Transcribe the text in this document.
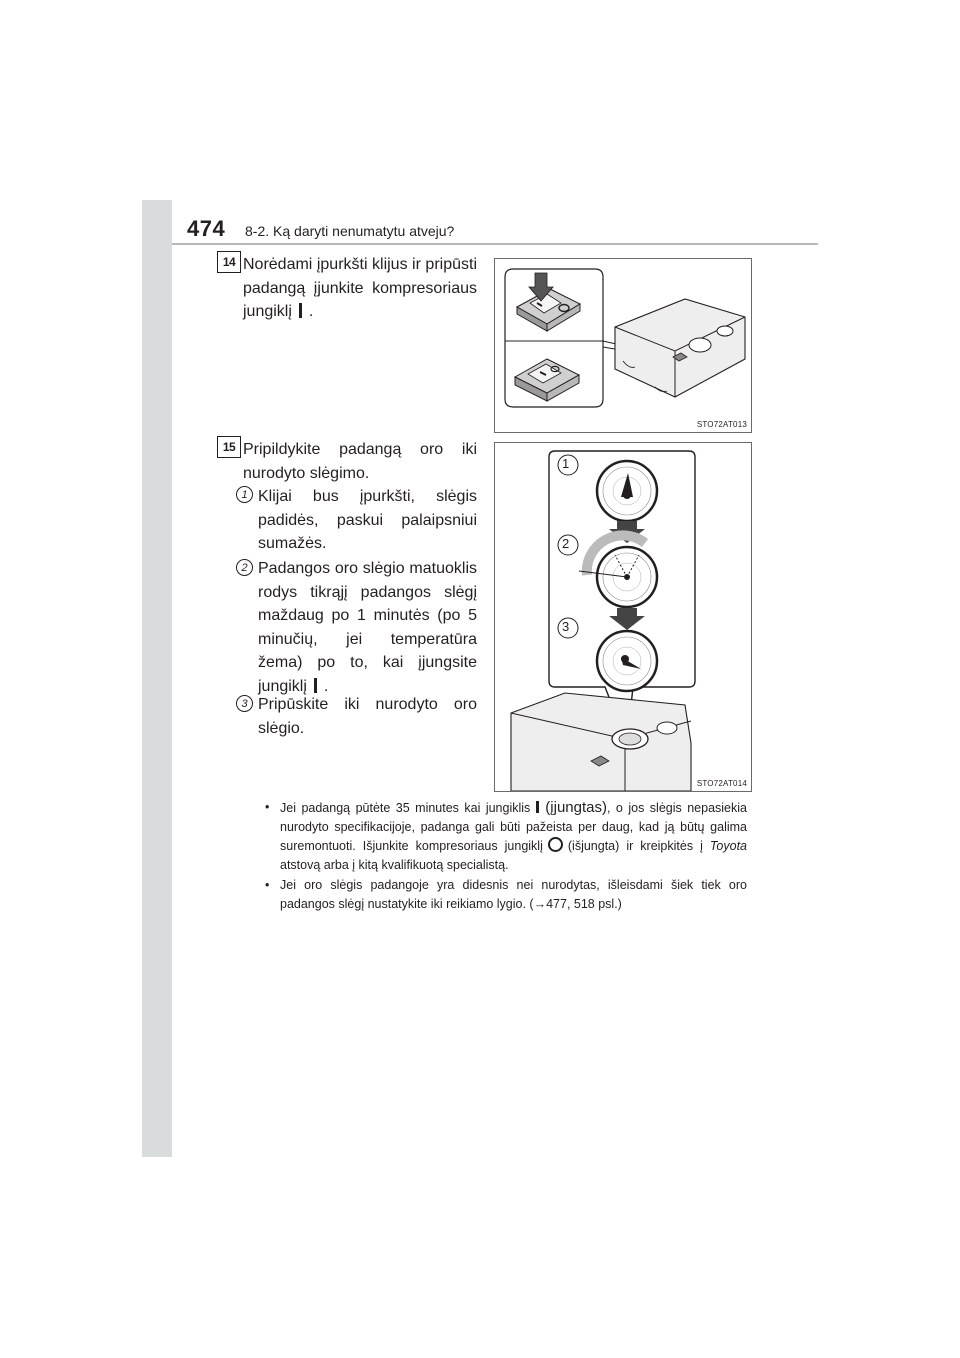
474 8-2. Ką daryti nenumatytu atveju?
14 Norėdami įpurkšti klijus ir pripūsti padangą įjunkite kompresoriaus jungiklį .
STO72AT013
15 Pripildykite padangą oro iki nurodyto slėgimo.
1 Klijai bus įpurkšti, slėgis padidės, paskui palaipsniui sumažės.
2 Padangos oro slėgio matuoklis rodys tikrąjį padangos slėgį maždaug po 1 minutės (po 5 minučių, jei temperatūra žema) po to, kai įjungsite jungiklį .
3 Pripūskite iki nurodyto oro slėgio.
1
2
3
STO72AT014
• Jei padangą pūtėte 35 minutes kai jungiklis (įjungtas), o jos slėgis nepasiekia nurodyto specifikacijoje, padanga gali būti pažeista per daug, kad ją būtų galima suremontuoti. Išjunkite kompresoriaus jungiklį (išjungta) ir kreipkitės į Toyota atstovą arba į kitą kvalifikuotą specialistą.
• Jei oro slėgis padangoje yra didesnis nei nurodytas, išleisdami šiek tiek oro padangos slėgį nustatykite iki reikiamo lygio. (→477, 518 psl.)
